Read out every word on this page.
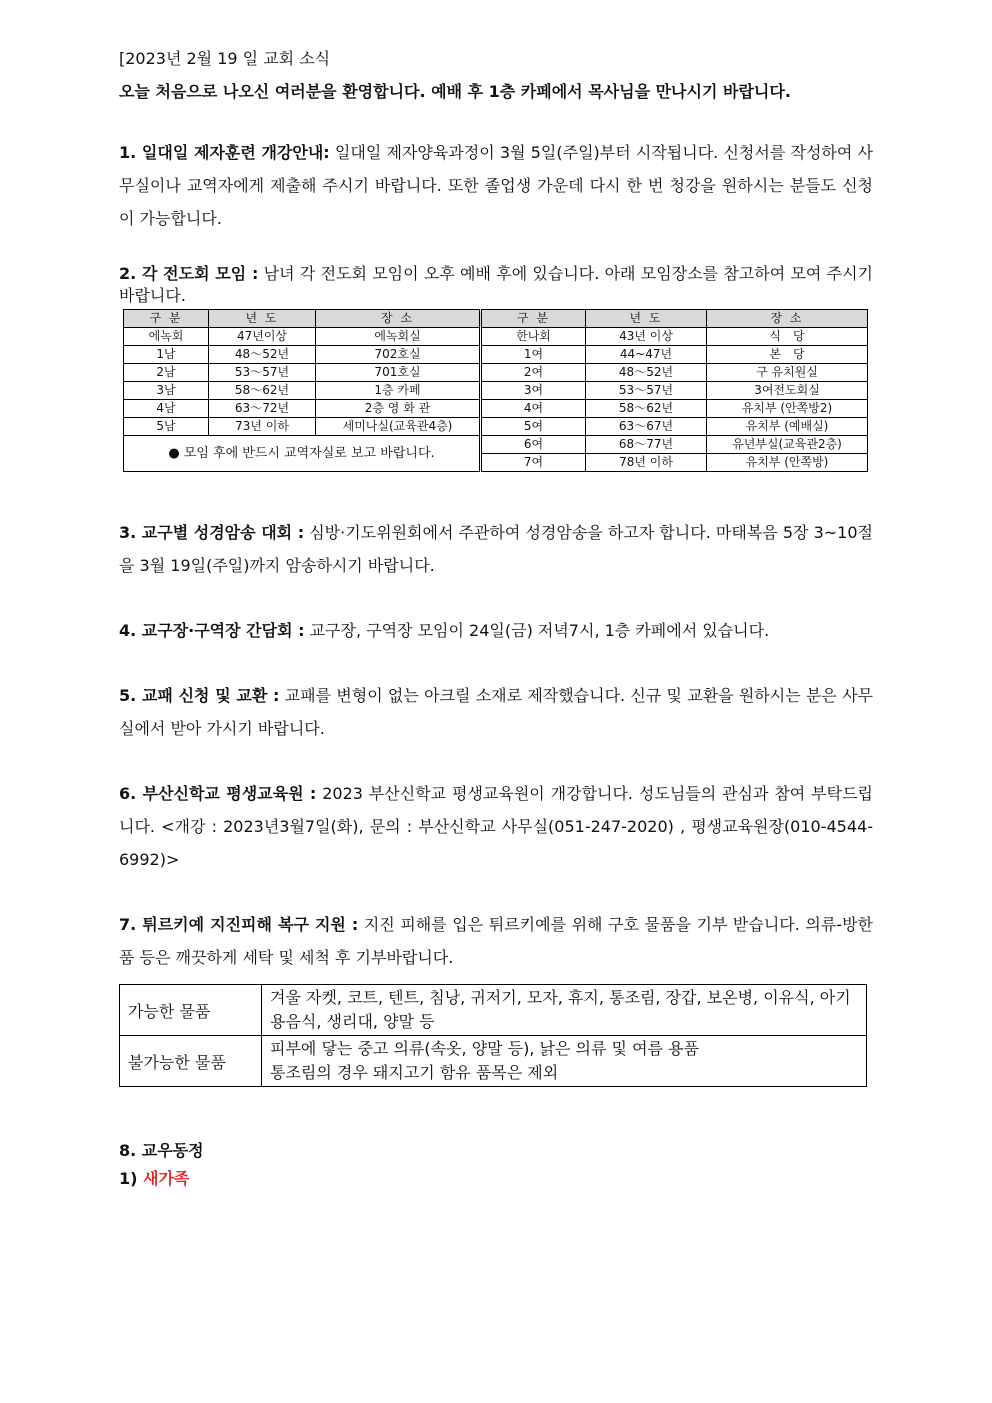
[2023년 2월 19 일 교회 소식
오늘 처음으로 나오신 여러분을 환영합니다. 예배 후 1층 카페에서 목사님을 만나시기 바랍니다.
1. 일대일 제자훈련 개강안내: 일대일 제자양육과정이 3월 5일(주일)부터 시작됩니다. 신청서를 작성하여 사무실이나 교역자에게 제출해 주시기 바랍니다. 또한 졸업생 가운데 다시 한 번 청강을 원하시는 분들도 신청이 가능합니다.
2. 각 전도회 모임 : 남녀 각 전도회 모임이 오후 예배 후에 있습니다. 아래 모임장소를 참고하여 모여 주시기 바랍니다.
구 분	년 도	장 소	구 분	년 도	장 소
에녹회	47년이상	에녹회실	한나회	43년 이상	식　당
1남	48～52년	702호실	1여	44~47년	본　당
2남	53～57년	701호실	2여	48～52년	구 유치원실
3남	58～62년	1층 카페	3여	53～57년	3여전도회실
4남	63～72년	2층 영 화 관	4여	58～62년	유치부 (안쪽방2)
5남	73년 이하	세미나실(교육관4층)	5여	63～67년	유치부 (예배실)
● 모임 후에 반드시 교역자실로 보고 바랍니다.			6여	68～77년	유년부실(교육관2층)
			7여	78년 이하	유치부 (안쪽방)
3. 교구별 성경암송 대회 : 심방·기도위원회에서 주관하여 성경암송을 하고자 합니다. 마태복음 5장 3~10절을 3월 19일(주일)까지 암송하시기 바랍니다.
4. 교구장·구역장 간담회 : 교구장, 구역장 모임이 24일(금) 저녁7시, 1층 카페에서 있습니다.
5. 교패 신청 및 교환 : 교패를 변형이 없는 아크릴 소재로 제작했습니다. 신규 및 교환을 원하시는 분은 사무실에서 받아 가시기 바랍니다.
6. 부산신학교 평생교육원 : 2023 부산신학교 평생교육원이 개강합니다. 성도님들의 관심과 참여 부탁드립니다. <개강 : 2023년3월7일(화), 문의 : 부산신학교 사무실(051-247-2020) , 평생교육원장(010-4544-6992)>
7. 튀르키예 지진피해 복구 지원 : 지진 피해를 입은 튀르키예를 위해 구호 물품을 기부 받습니다. 의류-방한품 등은 깨끗하게 세탁 및 세척 후 기부바랍니다.
가능한 물품	겨울 자켓, 코트, 텐트, 침낭, 귀저기, 모자, 휴지, 통조림, 장갑, 보온병, 이유식, 아기용음식, 생리대, 양말 등
불가능한 물품	피부에 닿는 중고 의류(속옷, 양말 등), 낡은 의류 및 여름 용품
통조림의 경우 돼지고기 함유 품목은 제외
8. 교우동정
1) 새가족
